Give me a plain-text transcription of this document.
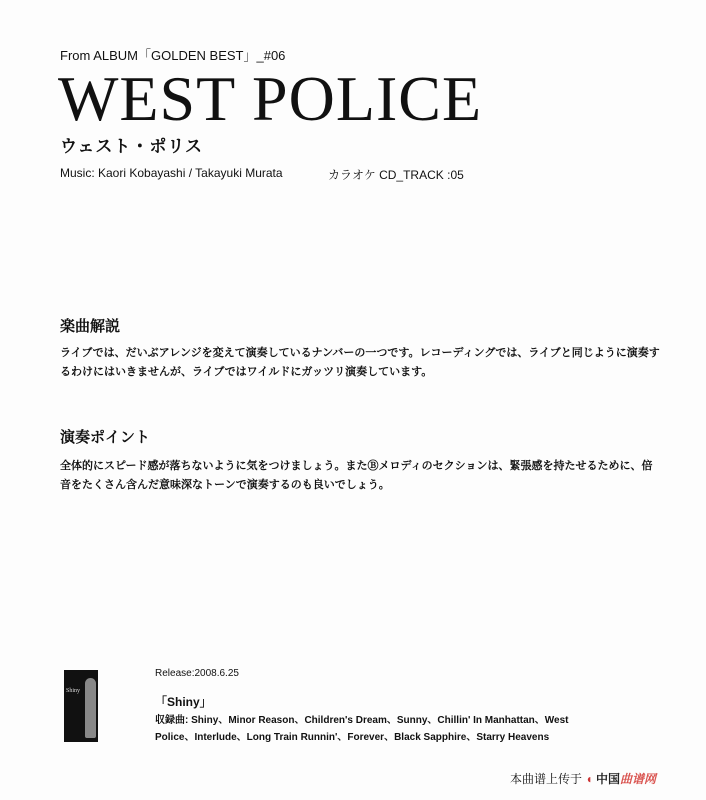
From ALBUM「GOLDEN BEST」_#06
WEST POLICE
ウェスト・ポリス
Music: Kaori Kobayashi / Takayuki Murata	カラオケ CD_TRACK :05
楽曲解説
ライブでは、だいぶアレンジを変えて演奏しているナンバーの一つです。レコーディングでは、ライブと同じように演奏するわけにはいきませんが、ライブではワイルドにガッツリ演奏しています。
演奏ポイント
全体的にスピード感が落ちないように気をつけましょう。またⒷメロディのセクションは、緊張感を持たせるために、倍音をたくさん含んだ意味深なトーンで演奏するのも良いでしょう。
Shiny
Release:2008.6.25
「Shiny」
収録曲: Shiny、Minor Reason、Children's Dream、Sunny、Chillin' In Manhattan、West Police、Interlude、Long Train Runnin'、Forever、Black Sapphire、Starry Heavens
本曲谱上传于 ◖ 中国曲谱网
